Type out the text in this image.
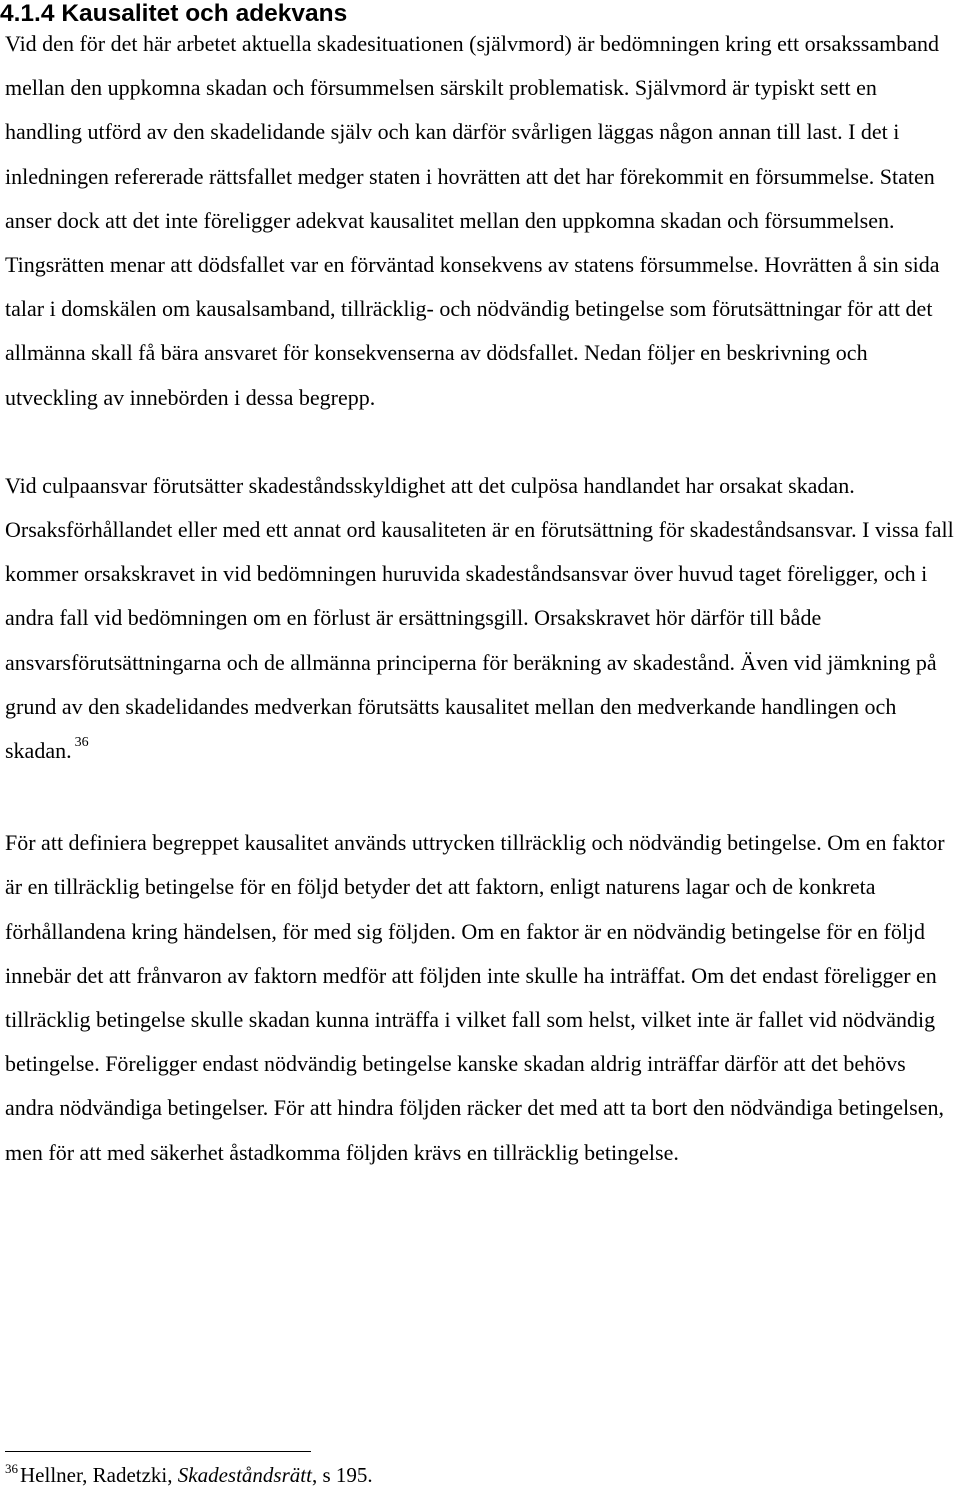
4.1.4 Kausalitet och adekvans

Vid den för det här arbetet aktuella skadesituationen (självmord) är bedömningen kring ett orsakssamband mellan den uppkomna skadan och försummelsen särskilt problematisk. Självmord är typiskt sett en handling utförd av den skadelidande själv och kan därför svårligen läggas någon annan till last. I det i inledningen refererade rättsfallet medger staten i hovrätten att det har förekommit en försummelse. Staten anser dock att det inte föreligger adekvat kausalitet mellan den uppkomna skadan och försummelsen. Tingsrätten menar att dödsfallet var en förväntad konsekvens av statens försummelse. Hovrätten å sin sida talar i domskälen om kausalsamband, tillräcklig- och nödvändig betingelse som förutsättningar för att det allmänna skall få bära ansvaret för konsekvenserna av dödsfallet. Nedan följer en beskrivning och utveckling av innebörden i dessa begrepp.

Vid culpaansvar förutsätter skadeståndsskyldighet att det culpösa handlandet har orsakat skadan. Orsaksförhållandet eller med ett annat ord kausaliteten är en förutsättning för skadeståndsansvar. I vissa fall kommer orsakskravet in vid bedömningen huruvida skadeståndsansvar över huvud taget föreligger, och i andra fall vid bedömningen om en förlust är ersättningsgill. Orsakskravet hör därför till både ansvarsförutsättningarna och de allmänna principerna för beräkning av skadestånd. Även vid jämkning på grund av den skadelidandes medverkan förutsätts kausalitet mellan den medverkande handlingen och skadan. $^{36}$

För att definiera begreppet kausalitet används uttrycken tillräcklig och nödvändig betingelse. Om en faktor är en tillräcklig betingelse för en följd betyder det att faktorn, enligt naturens lagar och de konkreta förhållandena kring händelsen, för med sig följden. Om en faktor är en nödvändig betingelse för en följd innebär det att frånvaron av faktorn medför att följden inte skulle ha inträffat. Om det endast föreligger en tillräcklig betingelse skulle skadan kunna inträffa i vilket fall som helst, vilket inte är fallet vid nödvändig betingelse. Föreligger endast nödvändig betingelse kanske skadan aldrig inträffar därför att det behövs andra nödvändiga betingelser. För att hindra följden räcker det med att ta bort den nödvändiga betingelsen, men för att med säkerhet åstadkomma följden krävs en tillräcklig betingelse.

$^{36}$Hellner, Radetzki, Skadeståndsrätt, s 195.
